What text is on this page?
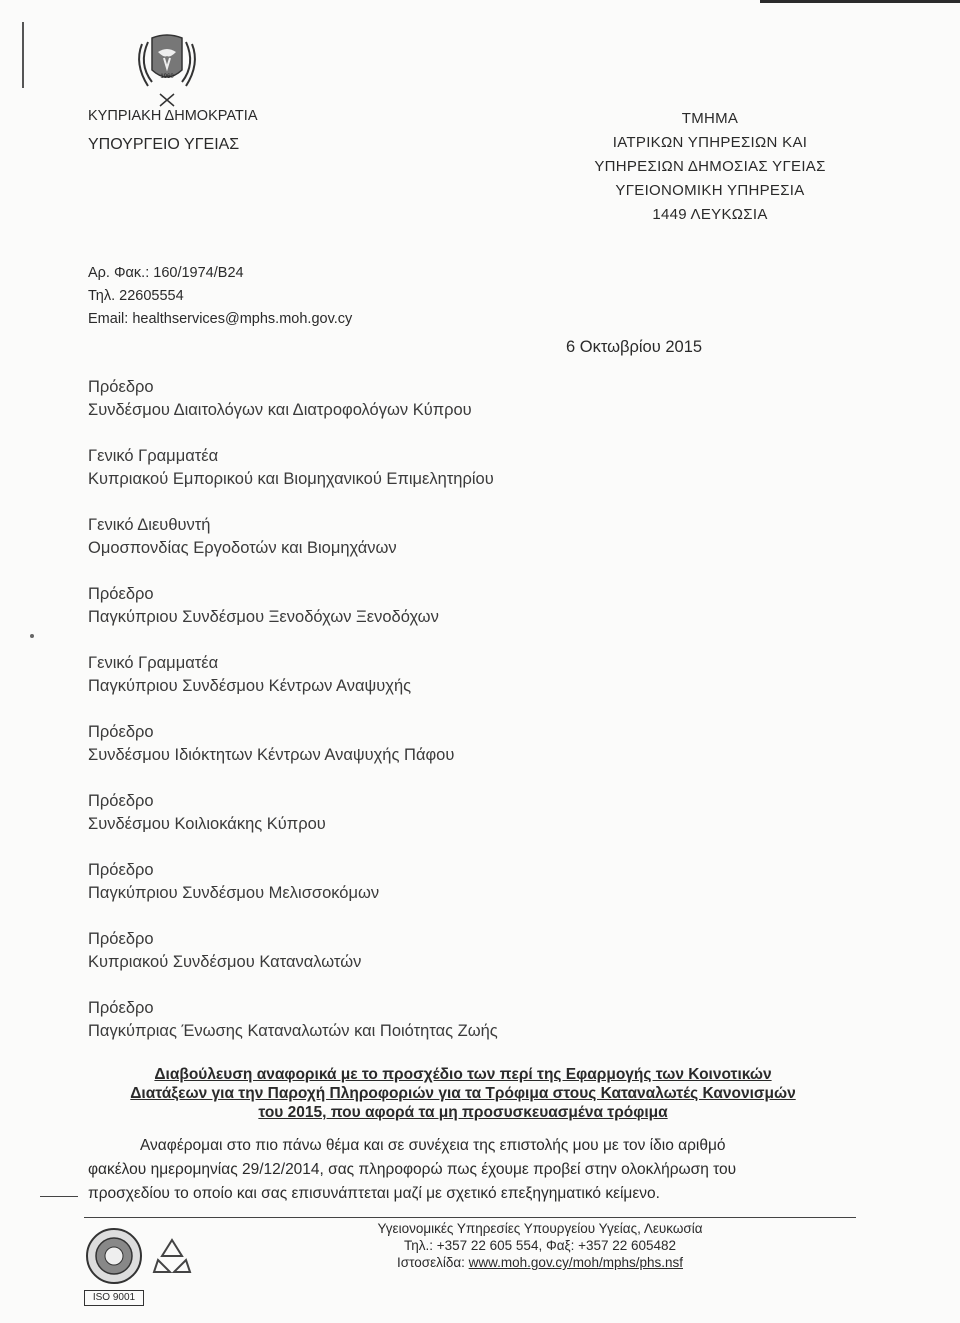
1960
ΚΥΠΡΙΑΚΗ ΔΗΜΟΚΡΑΤΙΑ
ΥΠΟΥΡΓΕΙΟ ΥΓΕΙΑΣ
ΤΜΗΜΑ
ΙΑΤΡΙΚΩΝ ΥΠΗΡΕΣΙΩΝ ΚΑΙ
ΥΠΗΡΕΣΙΩΝ ΔΗΜΟΣΙΑΣ ΥΓΕΙΑΣ
ΥΓΕΙΟΝΟΜΙΚΗ ΥΠΗΡΕΣΙΑ
1449 ΛΕΥΚΩΣΙΑ
Αρ. Φακ.: 160/1974/Β24
Τηλ. 22605554
Email: healthservices@mphs.moh.gov.cy
6 Οκτωβρίου 2015
Πρόεδρο
Συνδέσμου Διαιτολόγων και Διατροφολόγων Κύπρου
Γενικό Γραμματέα
Κυπριακού Εμπορικού και Βιομηχανικού Επιμελητηρίου
Γενικό Διευθυντή
Ομοσπονδίας Εργοδοτών και Βιομηχάνων
Πρόεδρο
Παγκύπριου Συνδέσμου Ξενοδόχων Ξενοδόχων
Γενικό Γραμματέα
Παγκύπριου Συνδέσμου Κέντρων Αναψυχής
Πρόεδρο
Συνδέσμου Ιδιόκτητων Κέντρων Αναψυχής Πάφου
Πρόεδρο
Συνδέσμου Κοιλιοκάκης Κύπρου
Πρόεδρο
Παγκύπριου Συνδέσμου Μελισσοκόμων
Πρόεδρο
Κυπριακού Συνδέσμου Καταναλωτών
Πρόεδρο
Παγκύπριας Ένωσης Καταναλωτών και Ποιότητας Ζωής
Διαβούλευση αναφορικά με το προσχέδιο των περί της Εφαρμογής των Κοινοτικών
Διατάξεων για την Παροχή Πληροφοριών για τα Τρόφιμα στους Καταναλωτές Κανονισμών
του 2015, που αφορά τα μη προσυσκευασμένα τρόφιμα
Αναφέρομαι στο πιο πάνω θέμα και σε συνέχεια της επιστολής μου με τον ίδιο αριθμό
φακέλου ημερομηνίας 29/12/2014, σας πληροφορώ πως έχουμε προβεί στην ολοκλήρωση του
προσχεδίου το οποίο και σας επισυνάπτεται μαζί με σχετικό επεξηγηματικό κείμενο.
ISO 9001
Υγειονομικές Υπηρεσίες Υπουργείου Υγείας, Λευκωσία
Τηλ.: +357 22 605 554, Φαξ: +357 22 605482
Ιστοσελίδα: www.moh.gov.cy/moh/mphs/phs.nsf
